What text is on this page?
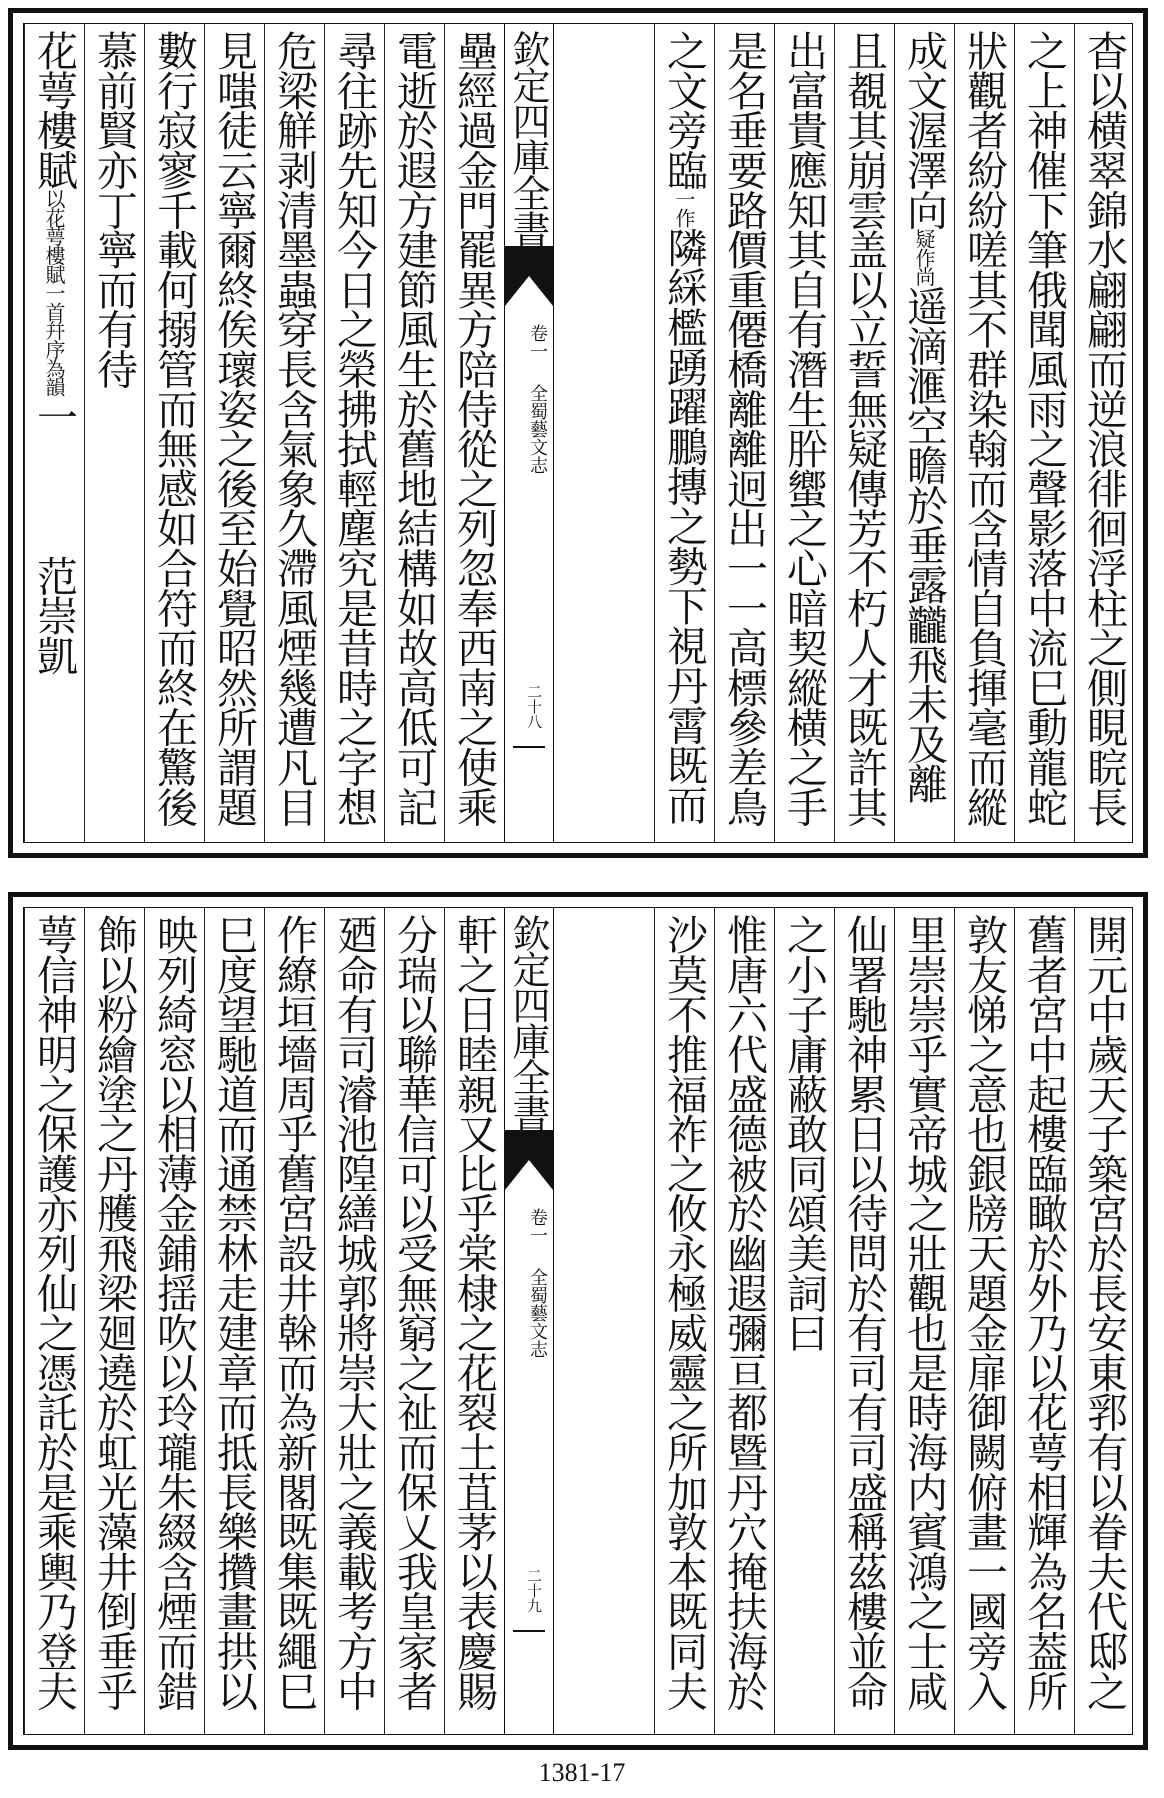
杳以横翠錦水翩翩而逆浪徘徊浮柱之側睍睆長
之上神催下筆俄聞風雨之聲影落中流巳動龍蛇
狀觀者紛紛嗟其不群染翰而含情自負揮毫而縱
成文渥澤向疑作尚遥滴滙空瞻於垂露龖飛未及離
且覩其崩雲盖以立誓無疑傳芳不朽人才既許其
出富貴應知其自有潛生肸蠁之心暗契縱横之手
是名垂要路價重僊橋離離迥出一一高標參差鳥
之文旁臨一作隣綵檻踴躍鵬摶之勢下視丹霄既而
欽定四庫全書
卷一
全蜀藝文志
二十八
壘經過金門罷異方陪侍從之列忽奉西南之使乘
電逝於遐方建節風生於舊地結構如故高低可記
尋往跡先知今日之榮拂拭輕塵究是昔時之字想
危梁觧剥清墨蟲穿長含氣象久滯風煙幾遭凡目
見嗤徒云寧爾終俟瓌姿之後至始覺昭然所謂題
數行寂寥千載何搦管而無感如合符而終在驚後
慕前賢亦丁寧而有待
花萼樓賦以花萼樓賦一首幷序為韻一　　　范崇凱
開元中歲天子築宮於長安東郛有以眷夫代邸之
舊者宮中起樓臨瞰於外乃以花萼相輝為名葢所
敦友悌之意也銀牓天題金扉御闕俯畫一國旁入
里崇崇乎實帝城之壯觀也是時海内賓鴻之士咸
仙署馳神累日以待問於有司有司盛稱茲樓並命
之小子庸蔽敢同頌美詞曰
惟唐六代盛德被於幽遐彌亘都暨丹穴掩扶海於
沙莫不推福祚之攸永極威靈之所加敦本既同夫
欽定四庫全書
卷一
全蜀藝文志
二十九
軒之日睦親又比乎棠棣之花裂土苴茅以表慶賜
分瑞以聯華信可以受無窮之祉而保乂我皇家者
廼命有司濬池隍繕城郭將崇大壯之義載考方中
作繚垣墻周乎舊宮設井榦而為新閣既集既繩巳
巳度望馳道而通禁林走建章而抵長樂攢畫拱以
映列綺窓以相薄金鋪揺吹以玲瓏朱綴含煙而錯
飾以粉繪塗之丹雘飛梁廻遶於虹光藻井倒垂乎
萼信神明之保護亦列仙之憑託於是乘輿乃登夫
1381-17
